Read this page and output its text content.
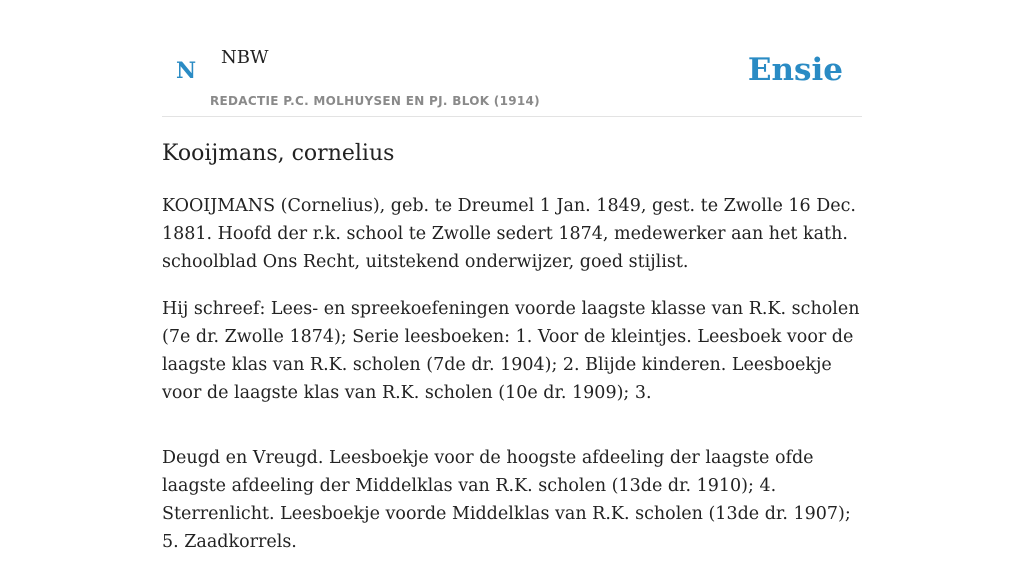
N
NBW
REDACTIE P.C. MOLHUYSEN EN PJ. BLOK (1914)
Ensie
Kooijmans, cornelius

KOOIJMANS (Cornelius), geb. te Dreumel 1 Jan. 1849, gest. te Zwolle 16 Dec. 1881. Hoofd der r.k. school te Zwolle sedert 1874, medewerker aan het kath. schoolblad Ons Recht, uitstekend onderwijzer, goed stijlist.

Hij schreef: Lees- en spreekoefeningen voorde laagste klasse van R.K. scholen (7e dr. Zwolle 1874); Serie leesboeken: 1. Voor de kleintjes. Leesboek voor de laagste klas van R.K. scholen (7de dr. 1904); 2. Blijde kinderen. Leesboekje voor de laagste klas van R.K. scholen (10e dr. 1909); 3.

Deugd en Vreugd. Leesboekje voor de hoogste afdeeling der laagste ofde laagste afdeeling der Middelklas van R.K. scholen (13de dr. 1910); 4. Sterrenlicht. Leesboekje voorde Middelklas van R.K. scholen (13de dr. 1907); 5. Zaadkorrels.
